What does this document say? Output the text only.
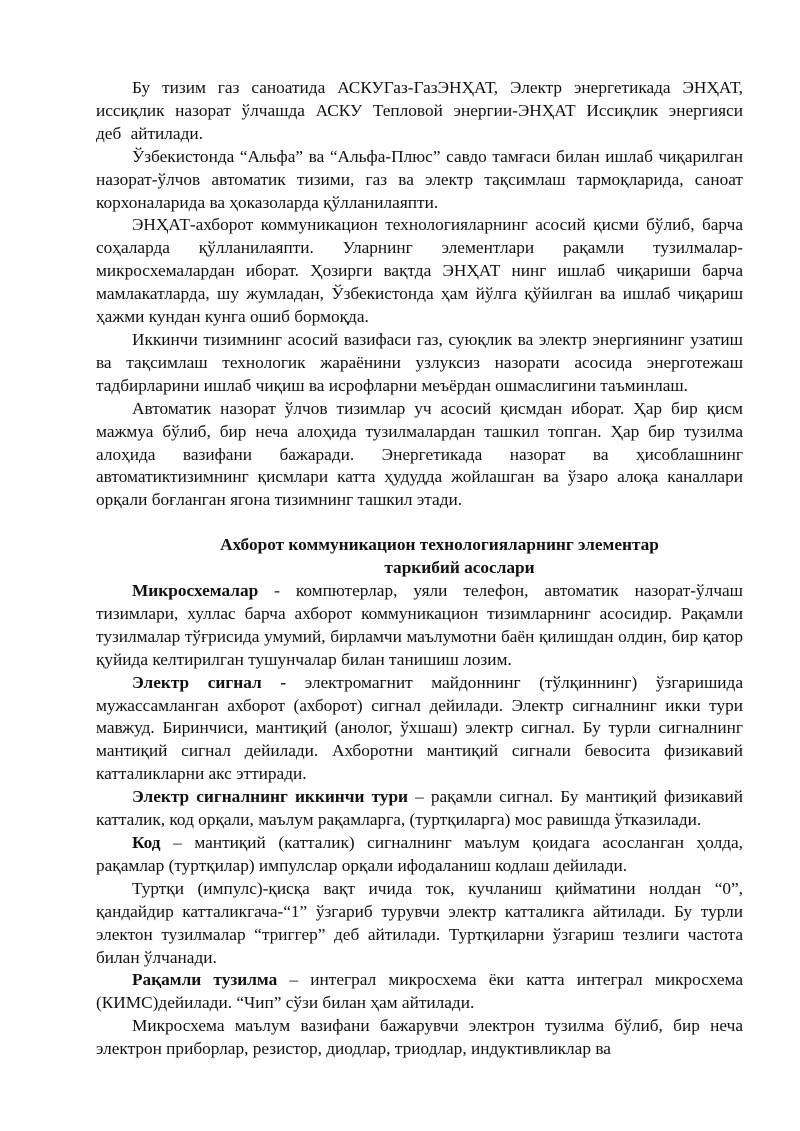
Бу тизим газ саноатида АСКУГаз-ГазЭНҲАТ, Электр энергетикада ЭНҲАТ, иссиқлик назорат ўлчашда АСКУ Тепловой энергии-ЭНҲАТ Иссиқлик энергияси деб айтилади.

Ўзбекистонда “Альфа” ва “Альфа-Плюс” савдо тамғаси билан ишлаб чиқарилган назорат-ўлчов автоматик тизими, газ ва электр тақсимлаш тармоқларида, саноат корхоналарида ва ҳоказоларда қўлланилаяпти.

ЭНҲАТ-ахборот коммуникацион технологияларнинг асосий қисми бўлиб, барча соҳаларда қўлланилаяпти. Уларнинг элементлари рақамли тузилмалар-микросхемалардан иборат. Ҳозирги вақтда ЭНҲАТ нинг ишлаб чиқариши барча мамлакатларда, шу жумладан, Ўзбекистонда ҳам йўлга қўйилган ва ишлаб чиқариш ҳажми кундан кунга ошиб бормоқда.

Иккинчи тизимнинг асосий вазифаси газ, суюқлик ва электр энергиянинг узатиш ва тақсимлаш технологик жараёнини узлуксиз назорати асосида энерготежаш тадбирларини ишлаб чиқиш ва исрофларни меъёрдан ошмаслигини таъминлаш.

Автоматик назорат ўлчов тизимлар уч асосий қисмдан иборат. Ҳар бир қисм мажмуа бўлиб, бир неча алоҳида тузилмалардан ташкил топган. Ҳар бир тузилма алоҳида вазифани бажаради. Энергетикада назорат ва ҳисоблашнинг автоматиктизимнинг қисмлари катта ҳудудда жойлашган ва ўзаро алоқа каналлари орқали боғланган ягона тизимнинг ташкил этади.

Ахборот коммуникацион технологияларнинг элементар
таркибий асослари

Микросхемалар - компютерлар, уяли телефон, автоматик назорат-ўлчаш тизимлари, хуллас барча ахборот коммуникацион тизимларнинг асосидир. Рақамли тузилмалар тўғрисида умумий, бирламчи маълумотни баён қилишдан олдин, бир қатор қуйида келтирилган тушунчалар билан танишиш лозим.

Электр сигнал - электромагнит майдоннинг (тўлқиннинг) ўзгаришида мужассамланган ахборот (ахборот) сигнал дейилади. Электр сигналнинг икки тури мавжуд. Биринчиси, мантиқий (анолог, ўхшаш) электр сигнал. Бу турли сигналнинг мантиқий сигнал дейилади. Ахборотни мантиқий сигнали бевосита физикавий катталикларни акс эттиради.

Электр сигналнинг иккинчи тури – рақамли сигнал. Бу мантиқий физикавий катталик, код орқали, маълум рақамларга, (туртқиларга) мос равишда ўтказилади.

Код – мантиқий (катталик) сигналнинг маълум қоидага асосланган ҳолда, рақамлар (туртқилар) импулслар орқали ифодаланиш кодлаш дейилади.

Туртқи (импулс)-қисқа вақт ичида ток, кучланиш қийматини нолдан “0”, қандайдир катталикгача-“1” ўзгариб турувчи электр катталикга айтилади. Бу турли электон тузилмалар “триггер” деб айтилади. Туртқиларни ўзгариш тезлиги частота билан ўлчанади.

Рақамли тузилма – интеграл микросхема ёки катта интеграл микросхема (КИМС)дейилади. “Чип” сўзи билан ҳам айтилади.

Микросхема маълум вазифани бажарувчи электрон тузилма бўлиб, бир неча электрон приборлар, резистор, диодлар, триодлар, индуктивликлар ва
